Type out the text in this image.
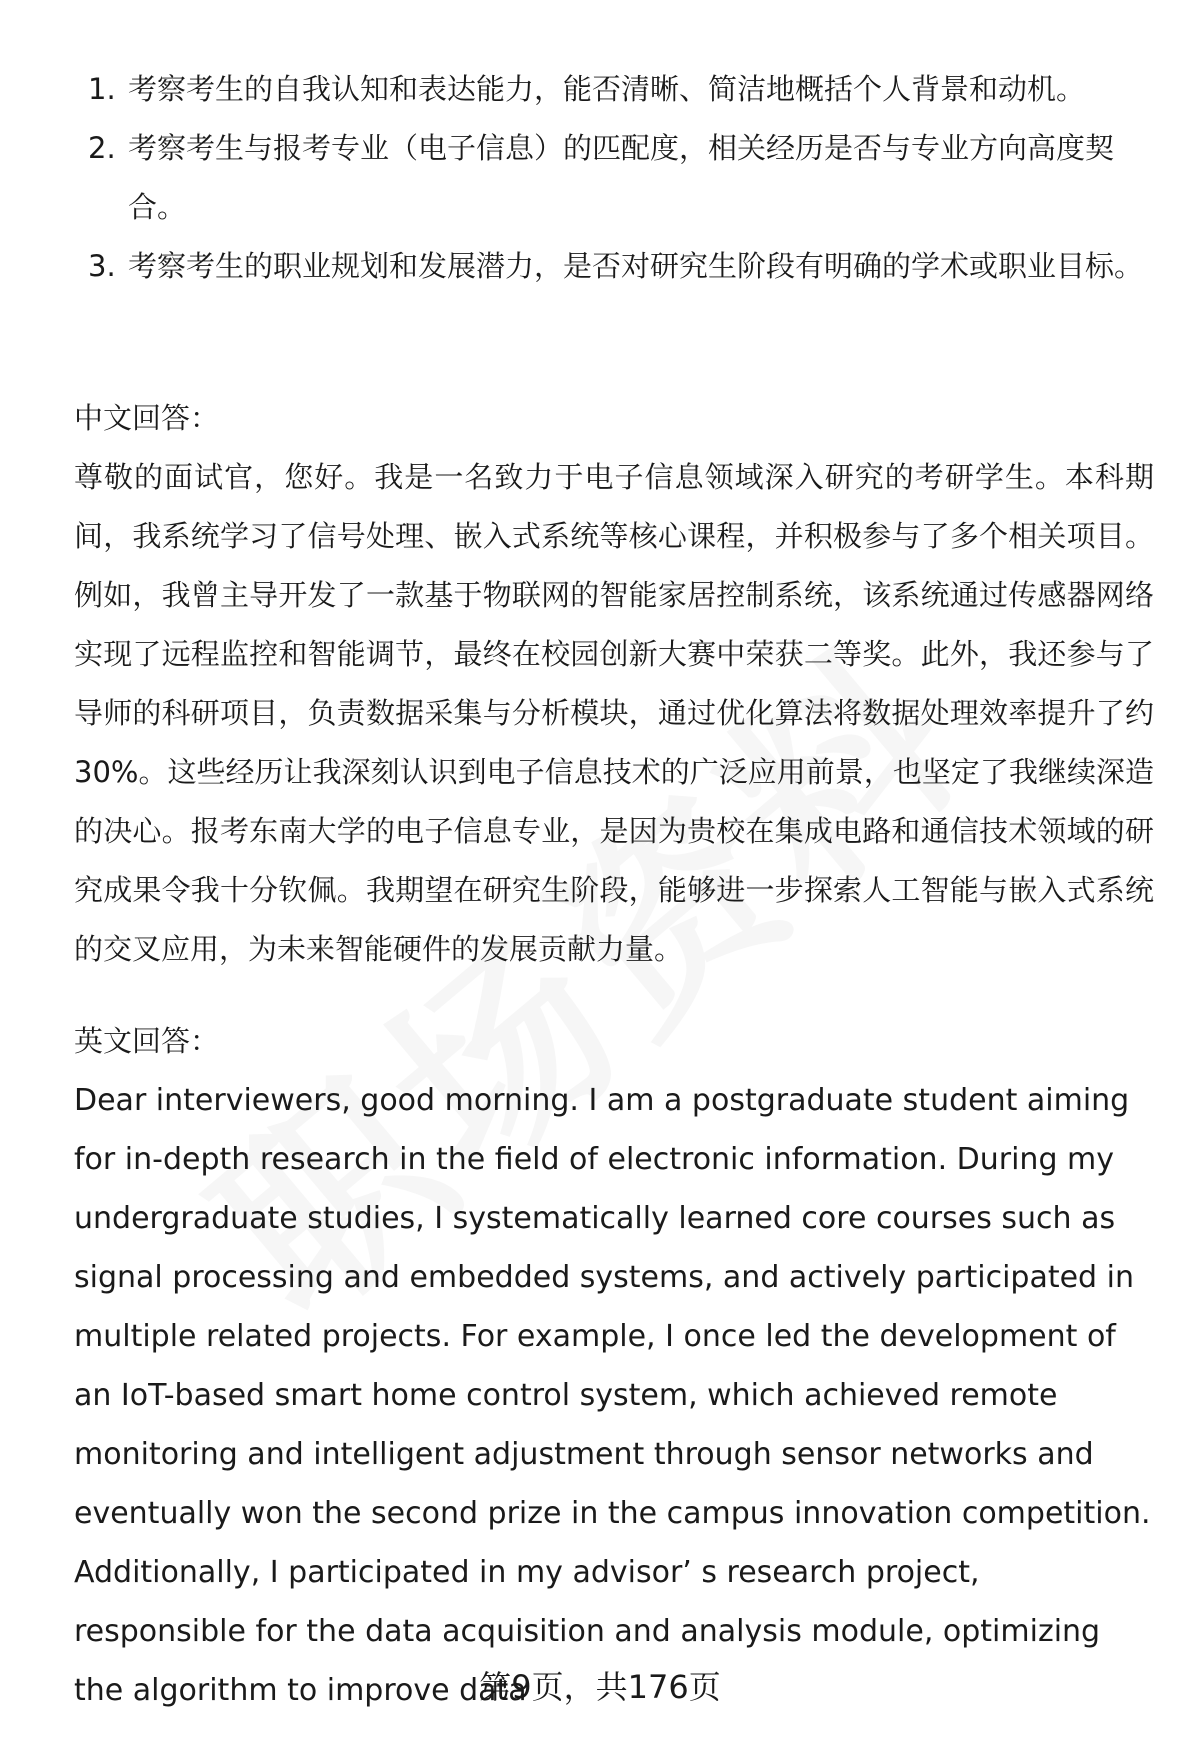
1. 考察考生的自我认知和表达能力，能否清晰、简洁地概括个人背景和动机。
2. 考察考生与报考专业（电子信息）的匹配度，相关经历是否与专业方向高度契合。
3. 考察考生的职业规划和发展潜力，是否对研究生阶段有明确的学术或职业目标。

中文回答：

尊敬的面试官，您好。我是一名致力于电子信息领域深入研究的考研学生。本科期间，我系统学习了信号处理、嵌入式系统等核心课程，并积极参与了多个相关项目。例如，我曾主导开发了一款基于物联网的智能家居控制系统，该系统通过传感器网络实现了远程监控和智能调节，最终在校园创新大赛中荣获二等奖。此外，我还参与了导师的科研项目，负责数据采集与分析模块，通过优化算法将数据处理效率提升了约30%。这些经历让我深刻认识到电子信息技术的广泛应用前景，也坚定了我继续深造的决心。报考东南大学的电子信息专业，是因为贵校在集成电路和通信技术领域的研究成果令我十分钦佩。我期望在研究生阶段，能够进一步探索人工智能与嵌入式系统的交叉应用，为未来智能硬件的发展贡献力量。

英文回答：

Dear interviewers, good morning. I am a postgraduate student aiming for in-depth research in the field of electronic information. During my undergraduate studies, I systematically learned core courses such as signal processing and embedded systems, and actively participated in multiple related projects. For example, I once led the development of an IoT-based smart home control system, which achieved remote monitoring and intelligent adjustment through sensor networks and eventually won the second prize in the campus innovation competition. Additionally, I participated in my advisor’ s research project, responsible for the data acquisition and analysis module, optimizing the algorithm to improve data

第9页，共176页
